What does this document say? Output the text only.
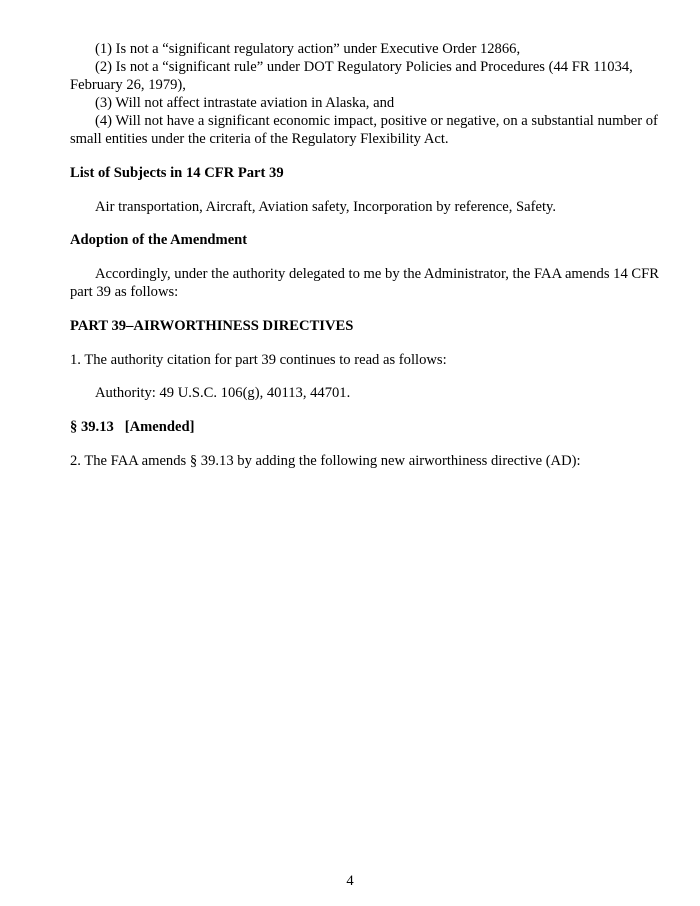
(1) Is not a “significant regulatory action” under Executive Order 12866,
(2) Is not a “significant rule” under DOT Regulatory Policies and Procedures (44 FR 11034,
February 26, 1979),
(3) Will not affect intrastate aviation in Alaska, and
(4) Will not have a significant economic impact, positive or negative, on a substantial number of
small entities under the criteria of the Regulatory Flexibility Act.
List of Subjects in 14 CFR Part 39
Air transportation, Aircraft, Aviation safety, Incorporation by reference, Safety.
Adoption of the Amendment
Accordingly, under the authority delegated to me by the Administrator, the FAA amends 14 CFR
part 39 as follows:
PART 39–AIRWORTHINESS DIRECTIVES
1. The authority citation for part 39 continues to read as follows:
Authority: 49 U.S.C. 106(g), 40113, 44701.
§ 39.13   [Amended]
2. The FAA amends § 39.13 by adding the following new airworthiness directive (AD):
4
